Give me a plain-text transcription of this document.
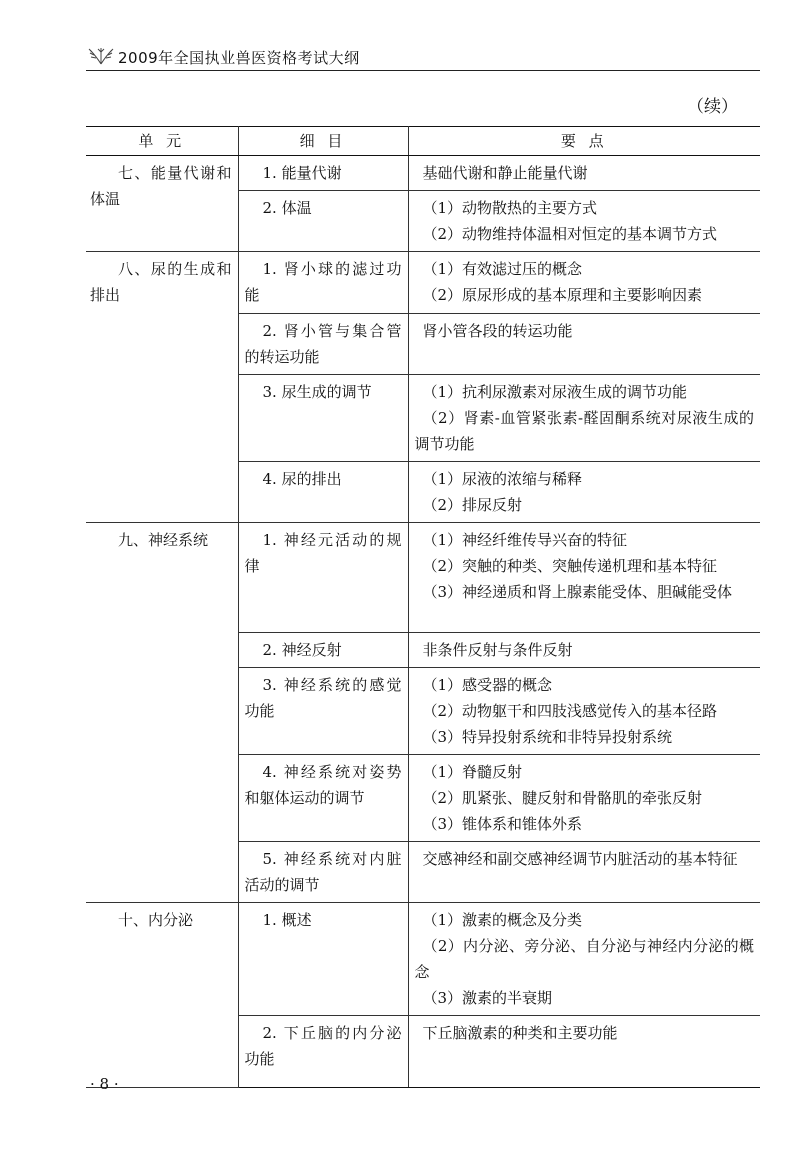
2009年全国执业兽医资格考试大纲
（续）
单 元	细 目	要 点
七、能量代谢和体温	1. 能量代谢	基础代谢和静止能量代谢

	2. 体温	（1）动物散热的主要方式
（2）动物维持体温相对恒定的基本调节方式

八、尿的生成和排出	1. 肾小球的滤过功能	（1）有效滤过压的概念
（2）原尿形成的基本原理和主要影响因素

	2. 肾小管与集合管的转运功能	肾小管各段的转运功能

	3. 尿生成的调节	（1）抗利尿激素对尿液生成的调节功能
（2）肾素-血管紧张素-醛固酮系统对尿液生成的调节功能

	4. 尿的排出	（1）尿液的浓缩与稀释
（2）排尿反射

九、神经系统	1. 神经元活动的规律	（1）神经纤维传导兴奋的特征
（2）突触的种类、突触传递机理和基本特征
（3）神经递质和肾上腺素能受体、胆碱能受体

	2. 神经反射	非条件反射与条件反射

	3. 神经系统的感觉功能	（1）感受器的概念
（2）动物躯干和四肢浅感觉传入的基本径路
（3）特异投射系统和非特异投射系统

	4. 神经系统对姿势和躯体运动的调节	（1）脊髓反射
（2）肌紧张、腱反射和骨骼肌的牵张反射
（3）锥体系和锥体外系

	5. 神经系统对内脏活动的调节	交感神经和副交感神经调节内脏活动的基本特征

十、内分泌	1. 概述	（1）激素的概念及分类
（2）内分泌、旁分泌、自分泌与神经内分泌的概念
（3）激素的半衰期

	2. 下丘脑的内分泌功能	下丘脑激素的种类和主要功能
· 8 ·
